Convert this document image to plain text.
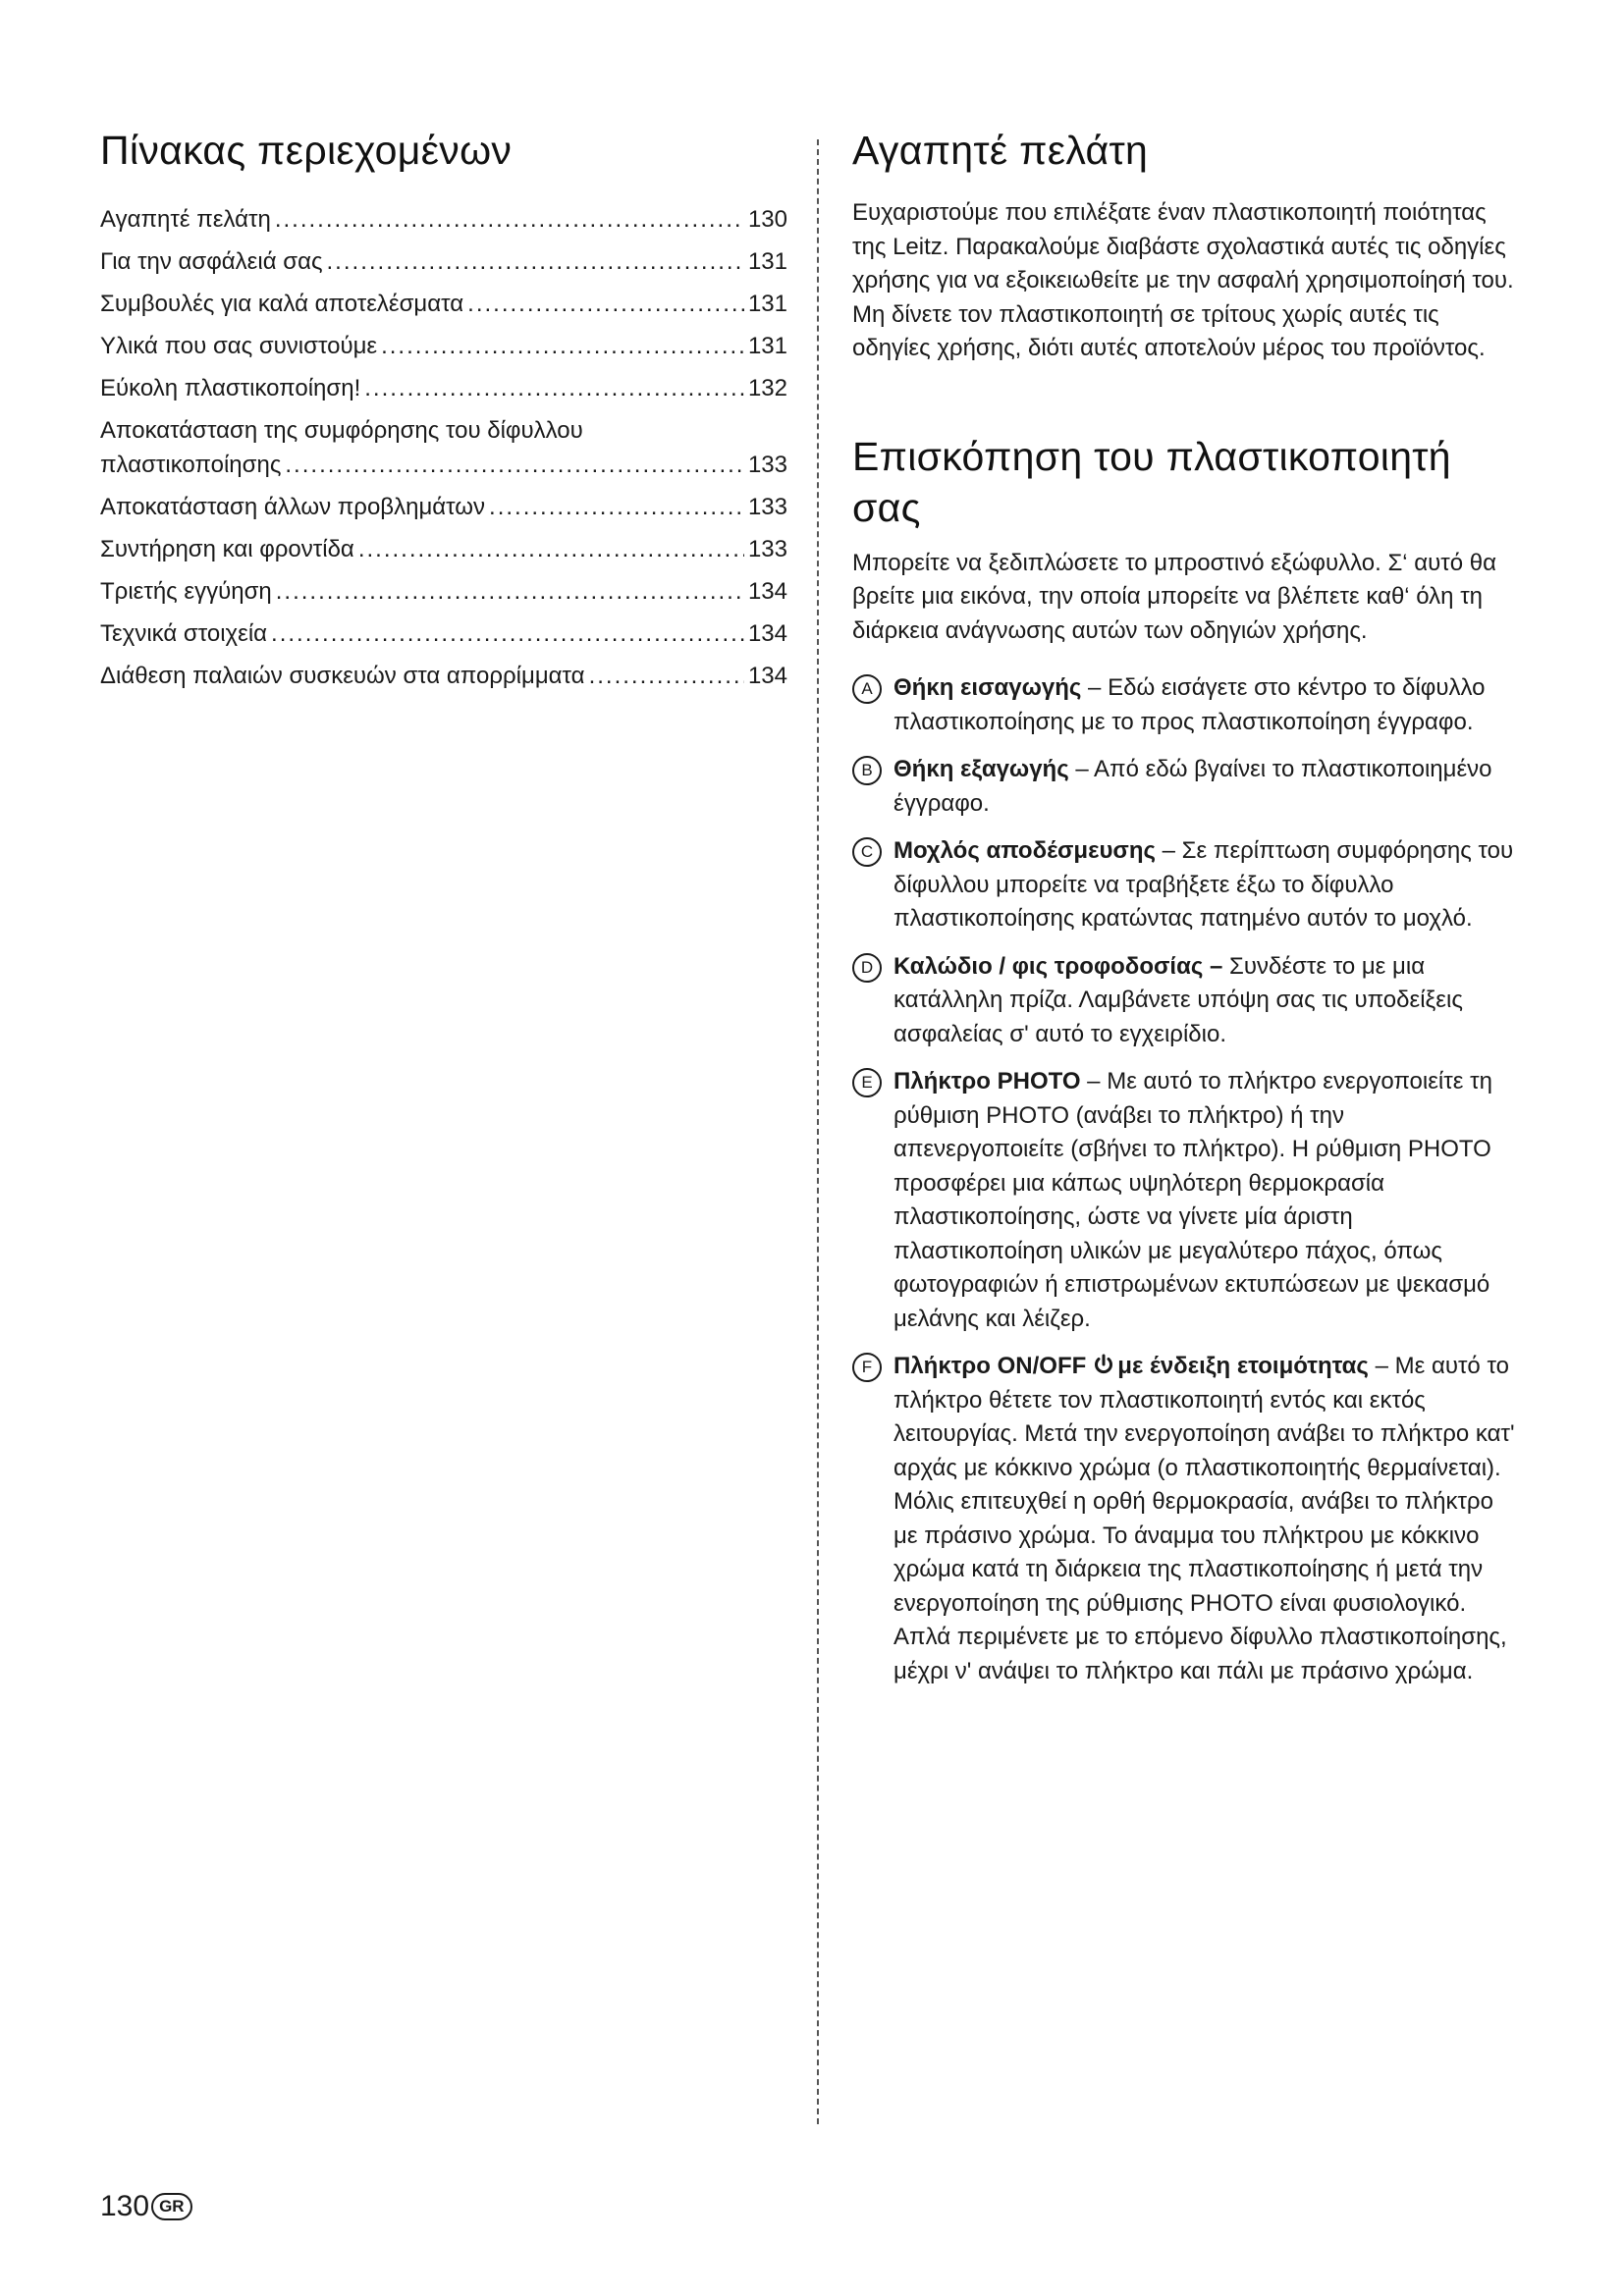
Πίνακας περιεχομένων
Αγαπητέ πελάτη .....	130
Για την ασφάλειά σας .....	131
Συμβουλές για καλά αποτελέσματα .....	131
Υλικά που σας συνιστούμε .....	131
Εύκολη πλαστικοποίηση! .....	132
Αποκατάσταση της συμφόρησης του δίφυλλου
πλαστικοποίησης .....	133
Αποκατάσταση άλλων προβλημάτων .....	133
Συντήρηση και φροντίδα .....	133
Τριετής εγγύηση .....	134
Τεχνικά στοιχεία .....	134
Διάθεση παλαιών συσκευών στα απορρίμματα .....	134
Αγαπητέ πελάτη

Ευχαριστούμε που επιλέξατε έναν πλαστικοποιητή ποιότητας της Leitz. Παρακαλούμε διαβάστε σχολαστικά αυτές τις οδηγίες χρήσης για να εξοικειωθείτε με την ασφαλή χρησιμοποίησή του. Μη δίνετε τον πλαστικοποιητή σε τρίτους χωρίς αυτές τις οδηγίες χρήσης, διότι αυτές αποτελούν μέρος του προϊόντος.

Επισκόπηση του πλαστικοποιητή σας

Μπορείτε να ξεδιπλώσετε το μπροστινό εξώφυλλο. Σ‘ αυτό θα βρείτε μια εικόνα, την οποία μπορείτε να βλέπετε καθ‘ όλη τη διάρκεια ανάγνωσης αυτών των οδηγιών χρήσης.

A Θήκη εισαγωγής – Εδώ εισάγετε στο κέντρο το δίφυλλο πλαστικοποίησης με το προς πλαστικοποίηση έγγραφο.
B Θήκη εξαγωγής – Από εδώ βγαίνει το πλαστικοποιημένο έγγραφο.
C Μοχλός αποδέσμευσης – Σε περίπτωση συμφόρησης του δίφυλλου μπορείτε να τραβήξετε έξω το δίφυλλο πλαστικοποίησης κρατώντας πατημένο αυτόν το μοχλό.
D Καλώδιο / φις τροφοδοσίας – Συνδέστε το με μια κατάλληλη πρίζα. Λαμβάνετε υπόψη σας τις υποδείξεις ασφαλείας σ' αυτό το εγχειρίδιο.
E Πλήκτρο PHOTO – Με αυτό το πλήκτρο ενεργοποιείτε τη ρύθμιση PHOTO (ανάβει το πλήκτρο) ή την απενεργοποιείτε (σβήνει το πλήκτρο). Η ρύθμιση PHOTO προσφέρει μια κάπως υψηλότερη θερμοκρασία πλαστικοποίησης, ώστε να γίνετε μία άριστη πλαστικοποίηση υλικών με μεγαλύτερο πάχος, όπως φωτογραφιών ή επιστρωμένων εκτυπώσεων με ψεκασμό μελάνης και λέιζερ.
F Πλήκτρο ON/OFF με ένδειξη ετοιμότητας – Με αυτό το πλήκτρο θέτετε τον πλαστικοποιητή εντός και εκτός λειτουργίας. Μετά την ενεργοποίηση ανάβει το πλήκτρο κατ' αρχάς με κόκκινο χρώμα (ο πλαστικοποιητής θερμαίνεται). Μόλις επιτευχθεί η ορθή θερμοκρασία, ανάβει το πλήκτρο με πράσινο χρώμα. Το άναμμα του πλήκτρου με κόκκινο χρώμα κατά τη διάρκεια της πλαστικοποίησης ή μετά την ενεργοποίηση της ρύθμισης PHOTO είναι φυσιολογικό. Απλά περιμένετε με το επόμενο δίφυλλο πλαστικοποίησης, μέχρι ν' ανάψει το πλήκτρο και πάλι με πράσινο χρώμα.
130 GR
